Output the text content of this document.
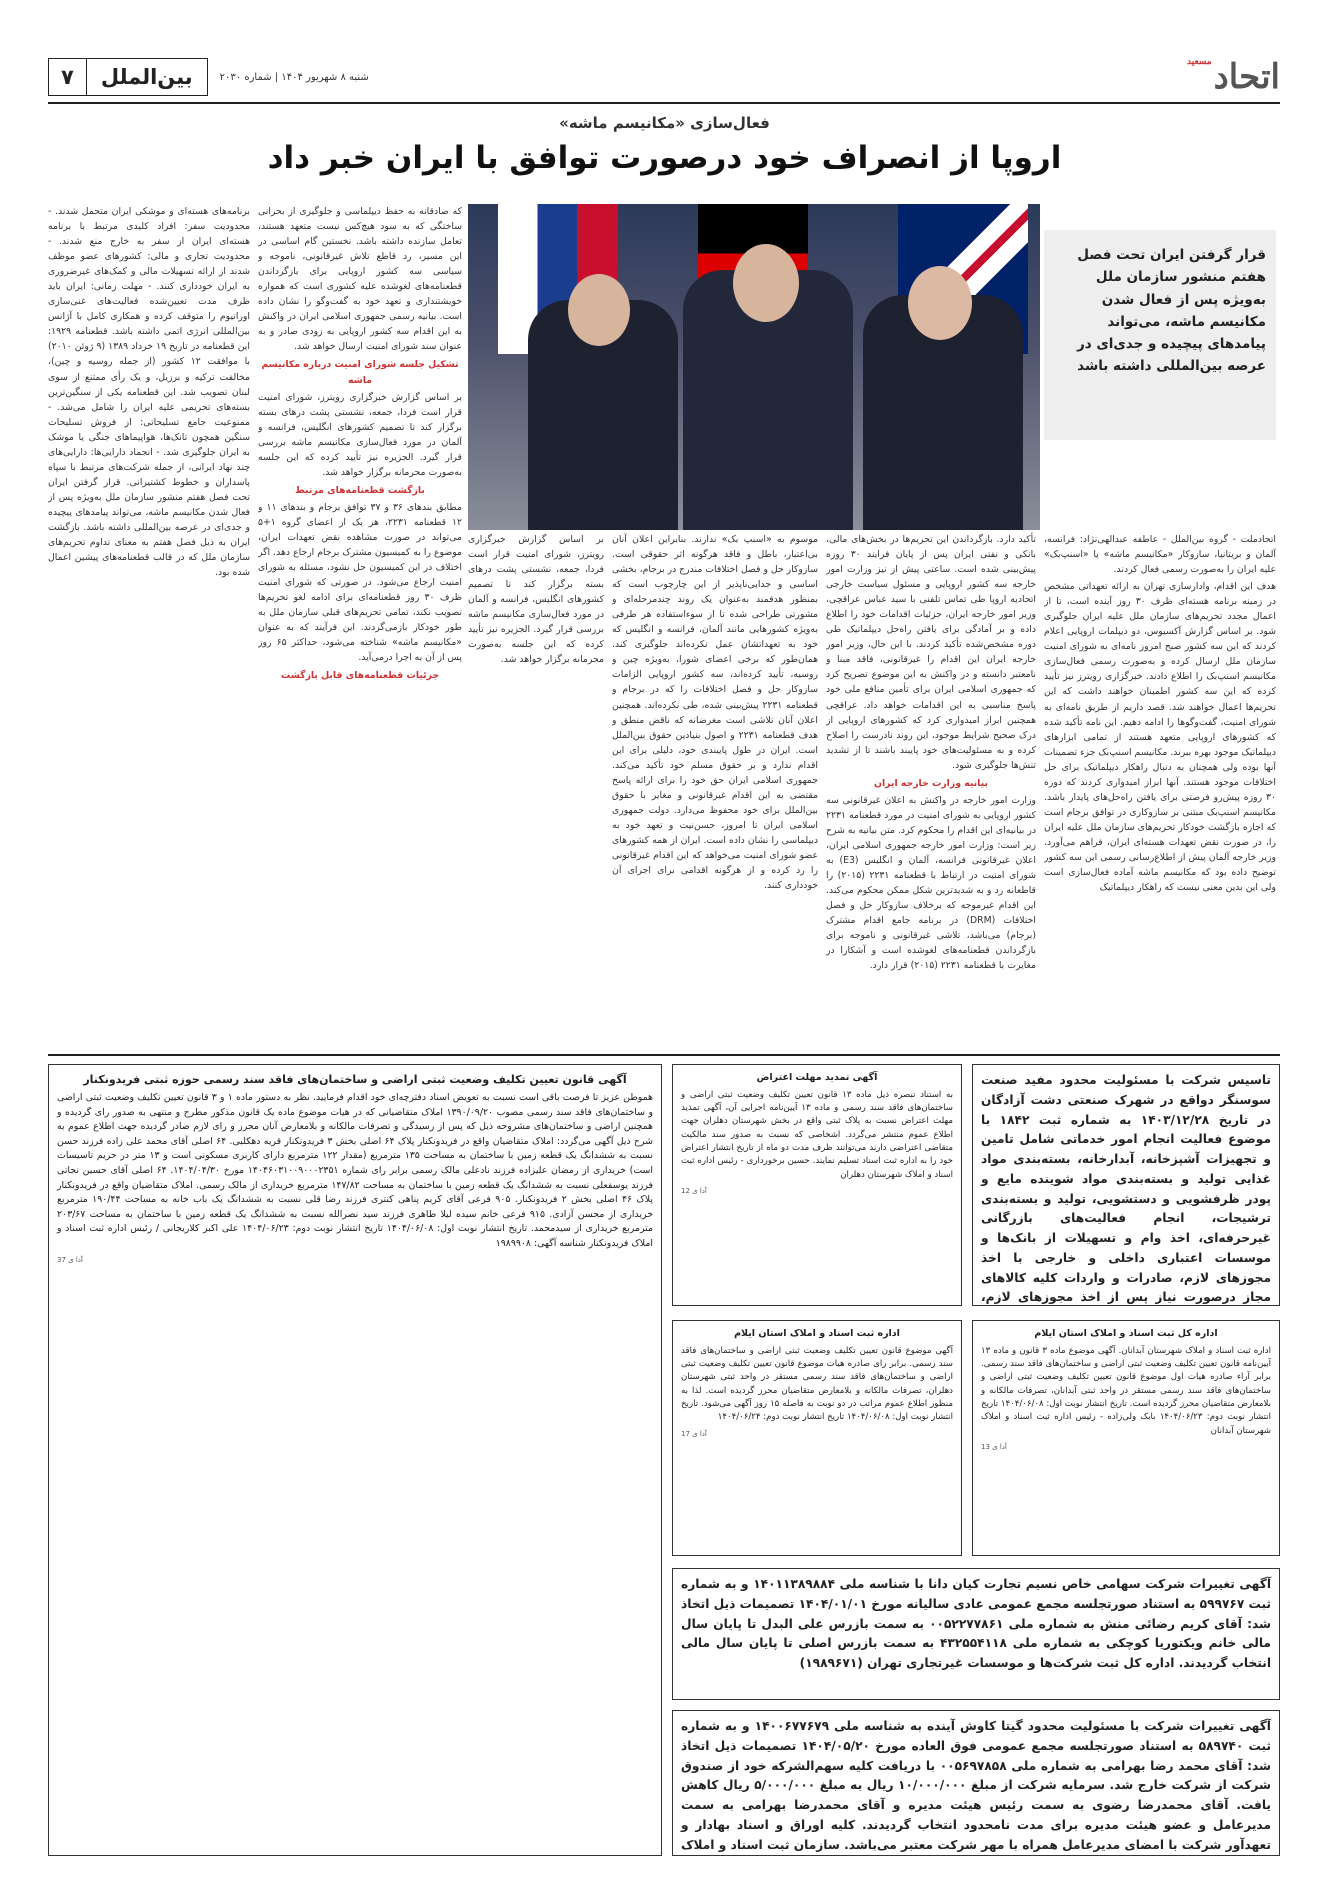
اتحاد$^{مسعید}$
شنبه ۸ شهریور ۱۴۰۴ | شماره ۲۰۳۰
بین‌الملل
۷
فعال‌سازی «مکانیسم ماشه»
اروپا از انصراف خود درصورت توافق با ایران خبر داد
قرار گرفتن ایران تحت فصل هفتم منشور سازمان ملل به‌ویژه پس از فعال شدن مکانیسم ماشه، می‌تواند پیامدهای پیچیده و جدی‌ای در عرصه بین‌المللی داشته باشد

اتحادملت - گروه بین‌الملل - عاطفه عبدالهی‌نژاد: فرانسه، آلمان و بریتانیا، سازوکار «مکانیسم ماشه» یا «اسنپ‌بک» علیه ایران را به‌صورت رسمی فعال کردند.

هدف این اقدام، وادارسازی تهران به ارائه تعهداتی مشخص در زمینه برنامه هسته‌ای ظرف ۳۰ روز آینده است، تا از اعمال مجدد تحریم‌های سازمان ملل علیه ایران جلوگیری شود. بر اساس گزارش آکسیوس، دو دیپلمات اروپایی اعلام کردند که این سه کشور صبح امروز نامه‌ای به شورای امنیت سازمان ملل ارسال کرده و به‌صورت رسمی فعال‌سازی مکانیسم اسنپ‌بک را اطلاع دادند. خبرگزاری رویترز نیز تأیید کرده که این سه کشور اطمینان خواهند داشت که این تحریم‌ها اعمال خواهند شد. قصد داریم از طریق نامه‌ای به شورای امنیت، گفت‌وگوها را ادامه دهیم. این نامه تأکید شده که کشورهای اروپایی متعهد هستند از تمامی ابزارهای دیپلماتیک موجود بهره ببرند. مکانیسم اسنپ‌بک جزء تضمینات آنها بوده ولی همچنان به دنبال راهکار دیپلماتیک برای حل اختلافات موجود هستند. آنها ابراز امیدواری کردند که دوره ۳۰ روزه پیش‌رو فرصتی برای یافتن راه‌حل‌های پایدار باشد. مکانیسم اسنپ‌بک مبتنی بر سازوکاری در توافق برجام است که اجازه بازگشت خودکار تحریم‌های سازمان ملل علیه ایران را، در صورت نقض تعهدات هسته‌ای ایران، فراهم می‌آورد. وزیر خارجه آلمان پیش از اطلاع‌رسانی رسمی این سه کشور توضیح داده بود که مکانیسم ماشه آماده فعال‌سازی است ولی این بدین معنی نیست که راهکار دیپلماتیک

تأکید دارد. بازگرداندن این تحریم‌ها در بخش‌های مالی، بانکی و نفتی ایران پس از پایان فرایند ۳۰ روزه پیش‌بینی شده است. ساعتی پیش از نیز وزارت امور خارجه سه کشور اروپایی و مسئول سیاست خارجی اتحادیه اروپا طی تماس تلفنی با سید عباس عراقچی، وزیر امور خارجه ایران، جزئیات اقدامات خود را اطلاع داده و بر آمادگی برای یافتن راه‌حل دیپلماتیک طی دوره مشخص‌شده تأکید کردند. با این حال، وزیر امور خارجه ایران این اقدام را غیرقانونی، فاقد مبنا و نامعتبر دانسته و در واکنش به این موضوع تصریح کرد که جمهوری اسلامی ایران برای تأمین منافع ملی خود پاسخ مناسبی به این اقدامات خواهد داد. عراقچی همچنین ابراز امیدواری کرد که کشورهای اروپایی از درک صحیح شرایط موجود، این روند نادرست را اصلاح کرده و به مسئولیت‌های خود پایبند باشند تا از تشدید تنش‌ها جلوگیری شود.

بیانیه وزارت خارجه ایران

وزارت امور خارجه در واکنش به اعلان غیرقانونی سه کشور اروپایی به شورای امنیت در مورد قطعنامه ۲۲۳۱ در بیانیه‌ای این اقدام را محکوم کرد. متن بیانیه به شرح زیر است: وزارت امور خارجه جمهوری اسلامی ایران، اعلان غیرقانونی فرانسه، آلمان و انگلیس (E3) به شورای امنیت در ارتباط با قطعنامه ۲۲۳۱ (۲۰۱۵) را قاطعانه رد و به شدیدترین شکل ممکن محکوم می‌کند. این اقدام غیرموجه که برخلاف سازوکار حل و فصل اختلافات (DRM) در برنامه جامع اقدام مشترک (برجام) می‌باشد، تلاشی غیرقانونی و ناموجه برای بازگرداندن قطعنامه‌های لغوشده است و آشکارا در مغایرت با قطعنامه ۲۲۳۱ (۲۰۱۵) قرار دارد.

موسوم به «اسنپ بک» ندارند. بنابراین اعلان آنان بی‌اعتبار، باطل و فاقد هرگونه اثر حقوقی است. سازوکار حل و فصل اختلافات مندرج در برجام، بخشی اساسی و جدایی‌ناپذیر از این چارچوب است که بمنظور هدفمند به‌عنوان یک روند چندمرحله‌ای و مشورتی طراحی شده تا از سوءاستفاده هر طرفی به‌ویژه کشورهایی مانند آلمان، فرانسه و انگلیس که خود به تعهداتشان عمل نکرده‌اند جلوگیری کند. همان‌طور که برخی اعضای شورا، به‌ویژه چین و روسیه، تأیید کرده‌اند، سه کشور اروپایی الزامات سازوکار حل و فصل اختلافات را که در برجام و قطعنامه ۲۲۳۱ پیش‌بینی شده، طی نکرده‌اند. همچنین اعلان آنان تلاشی است مغرضانه که ناقض منطق و هدف قطعنامه ۲۲۳۱ و اصول بنیادین حقوق بین‌الملل است. ایران در طول پایبندی خود، دلیلی برای این اقدام ندارد و بر حقوق مسلم خود تأکید می‌کند. جمهوری اسلامی ایران حق خود را برای ارائه پاسخ مقتضی به این اقدام غیرقانونی و مغایر با حقوق بین‌الملل برای خود محفوظ می‌دارد. دولت جمهوری اسلامی ایران تا امروز، حسن‌نیت و تعهد خود به دیپلماسی را نشان داده است. ایران از همه کشورهای عضو شورای امنیت می‌خواهد که این اقدام غیرقانونی را رد کرده و از هرگونه اقدامی برای اجرای آن خودداری کنند.

که صادقانه به حفظ دیپلماسی و جلوگیری از بحرانی ساختگی که به سود هیچ‌کس نیست متعهد هستند، تعامل سازنده داشته باشد. نخستین گام اساسی در این مسیر، رد قاطع تلاش غیرقانونی، ناموجه و سیاسی سه کشور اروپایی برای بازگرداندن قطعنامه‌های لغوشده علیه کشوری است که همواره خویشتنداری و تعهد خود به گفت‌وگو را نشان داده است. بیانیه رسمی جمهوری اسلامی ایران در واکنش به این اقدام سه کشور اروپایی به زودی صادر و به عنوان سند شورای امنیت ارسال خواهد شد.

تشکیل جلسه شورای امنیت درباره مکانیسم ماشه

بر اساس گزارش خبرگزاری رویترز، شورای امنیت قرار است فردا، جمعه، نشستی پشت درهای بسته برگزار کند تا تصمیم کشورهای انگلیس، فرانسه و آلمان در مورد فعال‌سازی مکانیسم ماشه بررسی قرار گیرد. الجزیره نیز تأیید کرده که این جلسه به‌صورت محرمانه برگزار خواهد شد.

بازگشت قطعنامه‌های مرتبط

مطابق بندهای ۳۶ و ۳۷ توافق برجام و بندهای ۱۱ و ۱۲ قطعنامه ۲۲۳۱، هر یک از اعضای گروه ۱+۵ می‌تواند در صورت مشاهده نقض تعهدات ایران، موضوع را به کمیسیون مشترک برجام ارجاع دهد. اگر اختلاف در این کمیسیون حل نشود، مسئله به شورای امنیت ارجاع می‌شود. در صورتی که شورای امنیت ظرف ۳۰ روز قطعنامه‌ای برای ادامه لغو تحریم‌ها تصویب نکند، تمامی تحریم‌های قبلی سازمان ملل به طور خودکار بازمی‌گردند. این فرآیند که به عنوان «مکانیسم ماشه» شناخته می‌شود، حداکثر ۶۵ روز پس از آن به اجرا درمی‌آید.

جزئیات قطعنامه‌های قابل بازگشت

بر اساس گزارش خبرگزاری رویترز، شورای امنیت قرار است فردا، جمعه، نشستی پشت درهای بسته برگزار کند تا تصمیم کشورهای انگلیس، فرانسه و آلمان در مورد فعال‌سازی مکانیسم ماشه بررسی قرار گیرد. الجزیره نیز تأیید کرده که این جلسه به‌صورت محرمانه برگزار خواهد شد.

برنامه‌های هسته‌ای و موشکی ایران متحمل شدند. - محدودیت سفر: افراد کلیدی مرتبط با برنامه هسته‌ای ایران از سفر به خارج منع شدند. - محدودیت تجاری و مالی: کشورهای عضو موظف شدند از ارائه تسهیلات مالی و کمک‌های غیرضروری به ایران خودداری کنند. - مهلت زمانی: ایران باید ظرف مدت تعیین‌شده فعالیت‌های غنی‌سازی اورانیوم را متوقف کرده و همکاری کامل با آژانس بین‌المللی انرژی اتمی داشته باشد. قطعنامه ۱۹۲۹: این قطعنامه در تاریخ ۱۹ خرداد ۱۳۸۹ (۹ ژوئن ۲۰۱۰) با موافقت ۱۲ کشور (از جمله روسیه و چین)، مخالفت ترکیه و برزیل، و یک رأی ممتنع از سوی لبنان تصویب شد. این قطعنامه یکی از سنگین‌ترین بسته‌های تحریمی علیه ایران را شامل می‌شد. - ممنوعیت جامع تسلیحاتی: از فروش تسلیحات سنگین همچون تانک‌ها، هواپیماهای جنگی یا موشک به ایران جلوگیری شد. - انجماد دارایی‌ها: دارایی‌های چند نهاد ایرانی، از جمله شرکت‌های مرتبط با سپاه پاسداران و خطوط کشتیرانی. قرار گرفتن ایران تحت فصل هفتم منشور سازمان ملل به‌ویژه پس از فعال شدن مکانیسم ماشه، می‌تواند پیامدهای پیچیده و جدی‌ای در عرصه بین‌المللی داشته باشد. بازگشت ایران به ذیل فصل هفتم به معنای تداوم تحریم‌های سازمان ملل که در قالب قطعنامه‌های پیشین اعمال شده بود.

تاسیس شرکت با مسئولیت محدود مفید صنعت سوسنگر دواقع در شهرک صنعتی دشت آزادگان در تاریخ ۱۴۰۳/۱۲/۲۸ به شماره ثبت ۱۸۴۲ با موضوع فعالیت انجام امور خدماتی شامل تامین و تجهیزات آشپزخانه، آبدارخانه، بسته‌بندی مواد غذایی تولید و بسته‌بندی مواد شوینده مایع و پودر ظرفشویی و دستشویی، تولید و بسته‌بندی ترشیجات، انجام فعالیت‌های بازرگانی غیرحرفه‌ای، اخذ وام و تسهیلات از بانک‌ها و موسسات اعتباری داخلی و خارجی با اخذ مجوزهای لازم، صادرات و واردات کلیه کالاهای مجاز درصورت نیاز پس از اخذ مجوزهای لازم،

آگهی تمدید مهلت اعتراض

به استناد تبصره ذیل ماده ۱۳ قانون تعیین تکلیف وضعیت ثبتی اراضی و ساختمان‌های فاقد سند رسمی و ماده ۱۳ آیین‌نامه اجرایی آن، آگهی تمدید مهلت اعتراض نسبت به پلاک ثبتی واقع در بخش شهرستان دهلران جهت اطلاع عموم منتشر می‌گردد. اشخاصی که نسبت به صدور سند مالکیت متقاضی اعتراضی دارند می‌توانند ظرف مدت دو ماه از تاریخ انتشار اعتراض خود را به اداره ثبت اسناد تسلیم نمایند. حسین برخورداری - رئیس اداره ثبت اسناد و املاک شهرستان دهلران

آدا ی 12

اداره ثبت اسناد و املاک استان ایلام

آگهی موضوع قانون تعیین تکلیف وضعیت ثبتی اراضی و ساختمان‌های فاقد سند رسمی. برابر رای صادره هیات موضوع قانون تعیین تکلیف وضعیت ثبتی اراضی و ساختمان‌های فاقد سند رسمی مستقر در واحد ثبتی شهرستان دهلران، تصرفات مالکانه و بلامعارض متقاضیان محرز گردیده است. لذا به منظور اطلاع عموم مراتب در دو نوبت به فاصله ۱۵ روز آگهی می‌شود. تاریخ انتشار نوبت اول: ۱۴۰۴/۰۶/۰۸ تاریخ انتشار نوبت دوم: ۱۴۰۴/۰۶/۲۴

آدا ی 17

اداره کل ثبت اسناد و املاک استان ایلام

اداره ثبت اسناد و املاک شهرستان آبدانان. آگهی موضوع ماده ۳ قانون و ماده ۱۳ آیین‌نامه قانون تعیین تکلیف وضعیت ثبتی اراضی و ساختمان‌های فاقد سند رسمی. برابر آراء صادره هیات اول موضوع قانون تعیین تکلیف وضعیت ثبتی اراضی و ساختمان‌های فاقد سند رسمی مستقر در واحد ثبتی آبدانان، تصرفات مالکانه و بلامعارض متقاضیان محرز گردیده است. تاریخ انتشار نوبت اول: ۱۴۰۴/۰۶/۰۸ تاریخ انتشار نوبت دوم: ۱۴۰۴/۰۶/۲۳ بابک ولی‌زاده - رئیس اداره ثبت اسناد و املاک شهرستان آبدانان

آدا ی 13

آگهی قانون تعیین تکلیف وضعیت ثبتی اراضی و ساختمان‌های فاقد سند رسمی حوزه ثبتی فریدونکنار

هموطن عزیز تا فرصت باقی است نسبت به تعویض اسناد دفترچه‌ای خود اقدام فرمایید. نظر به دستور ماده ۱ و ۳ قانون تعیین تکلیف وضعیت ثبتی اراضی و ساختمان‌های فاقد سند رسمی مصوب ۱۳۹۰/۰۹/۲۰ املاک متقاضیانی که در هیات موضوع ماده یک قانون مذکور مطرح و منتهی به صدور رای گردیده و همچنین اراضی و ساختمان‌های مشروحه ذیل که پس از رسیدگی و تصرفات مالکانه و بلامعارض آنان محرز و رای لازم صادر گردیده جهت اطلاع عموم به شرح ذیل آگهی می‌گردد: املاک متقاضیان واقع در فریدونکنار پلاک ۶۴ اصلی بخش ۳ فریدونکنار قریه دهکلبی. ۶۴ اصلی آقای محمد علی زاده فرزند حسن نسبت به ششدانگ یک قطعه زمین با ساختمان به مساحت ۱۳۵ مترمربع (مقدار ۱۲۲ مترمربع دارای کاربری مسکونی است و ۱۳ متر در حریم تاسیسات است) خریداری از رمضان علیزاده فرزند نادعلی مالک رسمی برابر رای شماره ۱۴۰۴۶۰۳۱۰۰۹۰۰۰۲۳۵۱ مورخ ۱۴۰۴/۰۴/۳۰. ۶۴ اصلی آقای حسین نجاتی فرزند یوسفعلی نسبت به ششدانگ یک قطعه زمین با ساختمان به مساحت ۱۴۷/۸۲ مترمربع خریداری از مالک رسمی. املاک متقاضیان واقع در فریدونکنار پلاک ۴۶ اصلی بخش ۲ فریدونکنار. ۹۰۵ فرعی آقای کریم پناهی کنتری فرزند رضا قلی نسبت به ششدانگ یک باب خانه به مساحت ۱۹۰/۴۴ مترمربع خریداری از محسن آزادی. ۹۱۵ فرعی خانم سیده لیلا طاهری فرزند سید نصرالله نسبت به ششدانگ یک قطعه زمین با ساختمان به مساحت ۲۰۳/۶۷ مترمربع خریداری از سیدمحمد. تاریخ انتشار نوبت اول: ۱۴۰۴/۰۶/۰۸ تاریخ انتشار نوبت دوم: ۱۴۰۴/۰۶/۲۳ علی اکبر کلاریجانی / رئیس اداره ثبت اسناد و املاک فریدونکنار شناسه آگهی: ۱۹۸۹۹۰۸

آدا ی 37

آگهی تغییرات شرکت سهامی خاص نسیم تجارت کیان دانا با شناسه ملی ۱۴۰۱۱۳۸۹۸۸۴ و به شماره ثبت ۵۹۹۷۶۷ به استناد صورتجلسه مجمع عمومی عادی سالیانه مورخ ۱۴۰۴/۰۱/۰۱ تصمیمات ذیل اتخاذ شد: آقای کریم رضائی منش به شماره ملی ۰۰۵۲۲۷۷۸۶۱ به سمت بازرس علی البدل تا پایان سال مالی خانم ویکتوریا کوچکی به شماره ملی ۴۳۲۵۵۴۱۱۸ به سمت بازرس اصلی تا پایان سال مالی انتخاب گردیدند. اداره کل ثبت شرکت‌ها و موسسات غیرتجاری تهران (۱۹۸۹۶۷۱)

آگهی تغییرات شرکت با مسئولیت محدود گیتا کاوش آینده به شناسه ملی ۱۴۰۰۶۷۷۶۷۹ و به شماره ثبت ۵۸۹۷۴۰ به استناد صورتجلسه مجمع عمومی فوق العاده مورخ ۱۴۰۴/۰۵/۲۰ تصمیمات ذیل اتخاذ شد: آقای محمد رضا بهرامی به شماره ملی ۰۰۵۶۹۷۸۵۸ با دریافت کلیه سهم‌الشرکه خود از صندوق شرکت از شرکت خارج شد. سرمایه شرکت از مبلغ ۱۰/۰۰۰/۰۰۰ ریال به مبلغ ۵/۰۰۰/۰۰۰ ریال کاهش یافت. آقای محمدرضا رضوی به سمت رئیس هیئت مدیره و آقای محمدرضا بهرامی به سمت مدیرعامل و عضو هیئت مدیره برای مدت نامحدود انتخاب گردیدند. کلیه اوراق و اسناد بهادار و تعهدآور شرکت با امضای مدیرعامل همراه با مهر شرکت معتبر می‌باشد. سازمان ثبت اسناد و املاک
